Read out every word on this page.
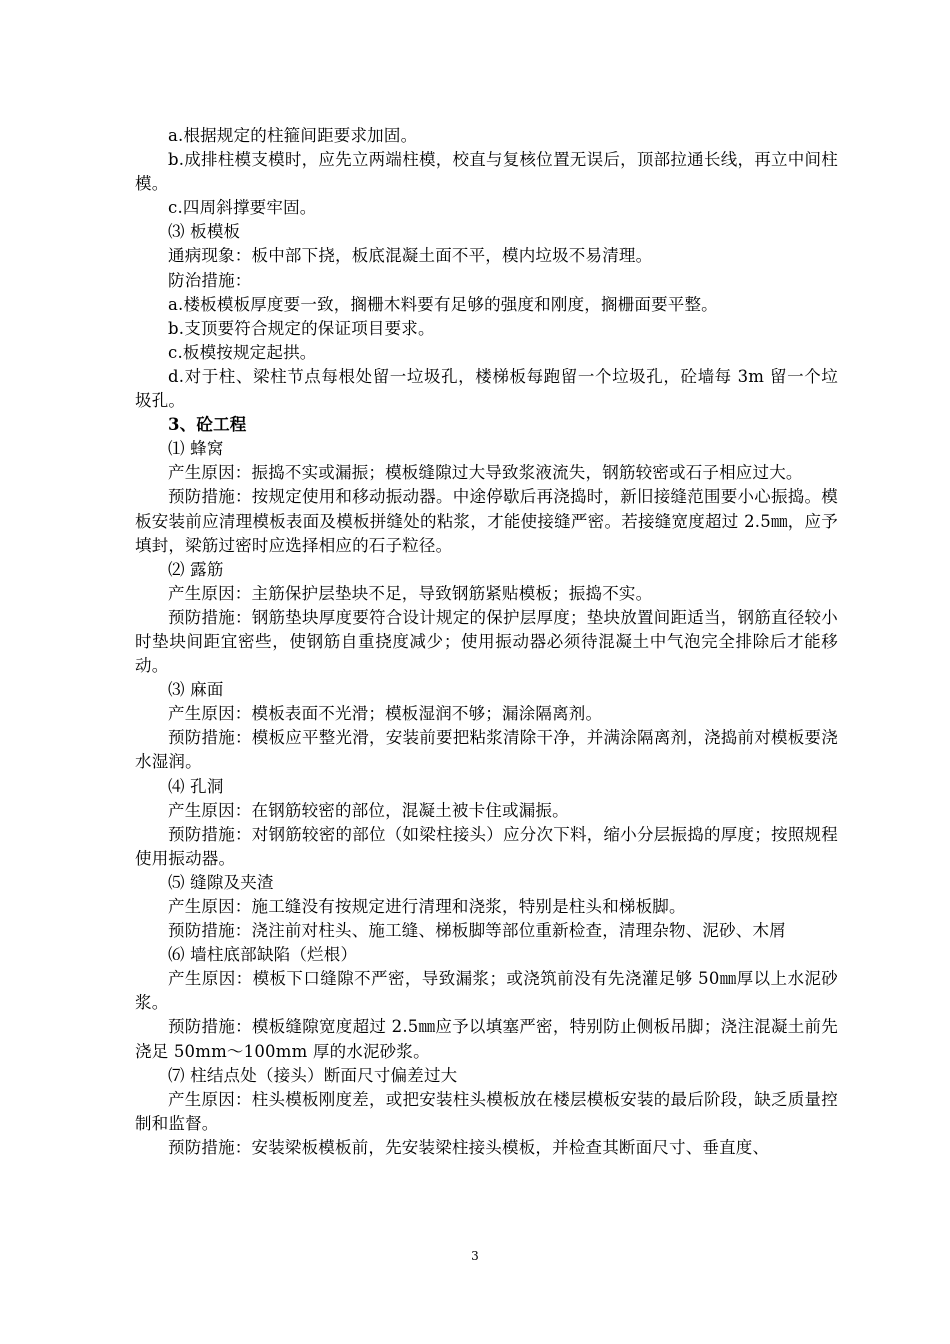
a.根据规定的柱箍间距要求加固。

b.成排柱模支模时，应先立两端柱模，校直与复核位置无误后，顶部拉通长线，再立中间柱模。

c.四周斜撑要牢固。

⑶ 板模板

通病现象：板中部下挠，板底混凝土面不平，模内垃圾不易清理。

防治措施：

a.楼板模板厚度要一致，搁栅木料要有足够的强度和刚度，搁栅面要平整。

b.支顶要符合规定的保证项目要求。

c.板模按规定起拱。

d.对于柱、梁柱节点每根处留一垃圾孔，楼梯板每跑留一个垃圾孔，砼墙每 3m 留一个垃圾孔。

3、砼工程

⑴ 蜂窝

产生原因：振捣不实或漏振；模板缝隙过大导致浆液流失，钢筋较密或石子相应过大。

预防措施：按规定使用和移动振动器。中途停歇后再浇捣时，新旧接缝范围要小心振捣。模板安装前应清理模板表面及模板拼缝处的粘浆，才能使接缝严密。若接缝宽度超过 2.5㎜，应予填封，梁筋过密时应选择相应的石子粒径。

⑵ 露筋

产生原因：主筋保护层垫块不足，导致钢筋紧贴模板；振捣不实。

预防措施：钢筋垫块厚度要符合设计规定的保护层厚度；垫块放置间距适当，钢筋直径较小时垫块间距宜密些，使钢筋自重挠度减少；使用振动器必须待混凝土中气泡完全排除后才能移动。

⑶ 麻面

产生原因：模板表面不光滑；模板湿润不够；漏涂隔离剂。

预防措施：模板应平整光滑，安装前要把粘浆清除干净，并满涂隔离剂，浇捣前对模板要浇水湿润。

⑷ 孔洞

产生原因：在钢筋较密的部位，混凝土被卡住或漏振。

预防措施：对钢筋较密的部位（如梁柱接头）应分次下料，缩小分层振捣的厚度；按照规程使用振动器。

⑸ 缝隙及夹渣

产生原因：施工缝没有按规定进行清理和浇浆，特别是柱头和梯板脚。

预防措施：浇注前对柱头、施工缝、梯板脚等部位重新检查，清理杂物、泥砂、木屑

⑹ 墙柱底部缺陷（烂根）

产生原因：模板下口缝隙不严密，导致漏浆；或浇筑前没有先浇灌足够 50㎜厚以上水泥砂浆。

预防措施：模板缝隙宽度超过 2.5㎜应予以填塞严密，特别防止侧板吊脚；浇注混凝土前先浇足 50mm～100mm 厚的水泥砂浆。

⑺ 柱结点处（接头）断面尺寸偏差过大

产生原因：柱头模板刚度差，或把安装柱头模板放在楼层模板安装的最后阶段，缺乏质量控制和监督。

预防措施：安装梁板模板前，先安装梁柱接头模板，并检查其断面尺寸、垂直度、

3
